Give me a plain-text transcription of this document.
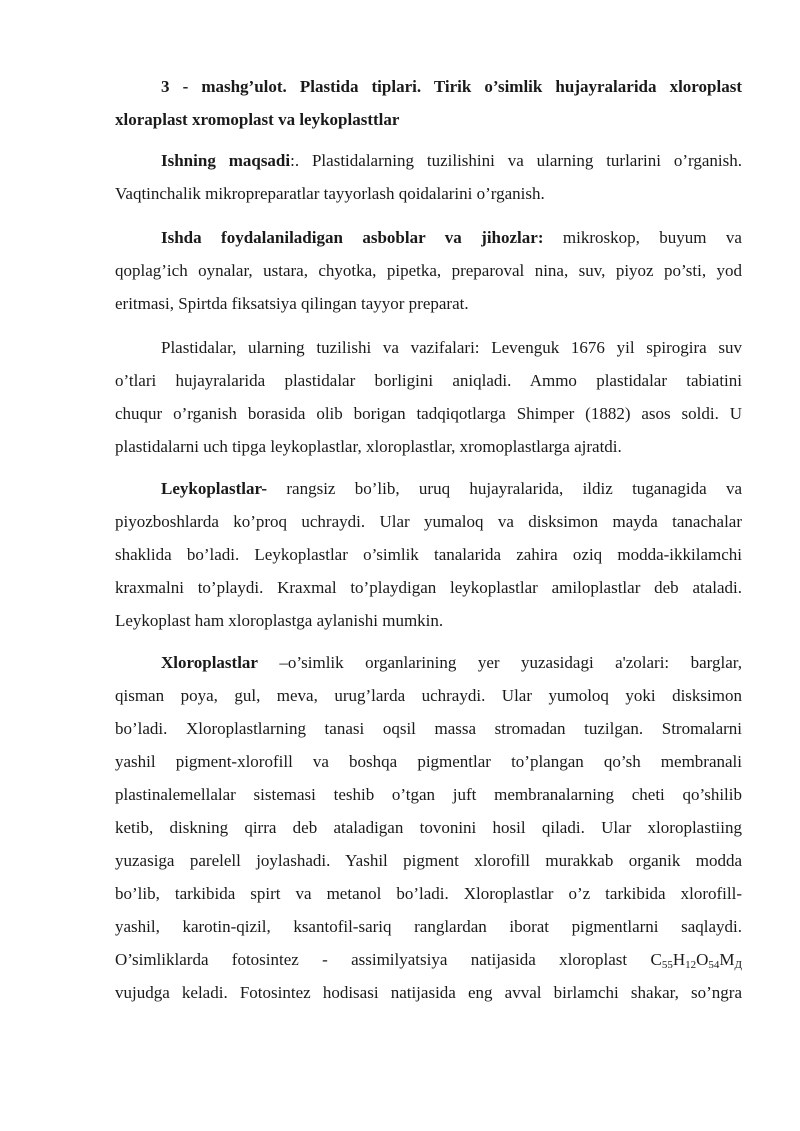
3 - mashg’ulot. Plastida tiplari. Tirik o’simlik hujayralarida xloroplast
xloraplast xromoplast va leykoplasttlar
Ishning maqsadi:. Plastidalarning tuzilishini va ularning turlarini o’rganish.
Vaqtinchalik mikropreparatlar tayyorlash qoidalarini o’rganish.
Ishda foydalaniladigan asboblar va jihozlar: mikroskop, buyum va
qoplag’ich oynalar, ustara, chyotka, pipetka, preparoval nina, suv, piyoz po’sti, yod
eritmasi, Spirtda fiksatsiya qilingan tayyor preparat.
Plastidalar, ularning tuzilishi va vazifalari: Levenguk 1676 yil spirogira suv
o’tlari hujayralarida plastidalar borligini aniqladi. Ammo plastidalar tabiatini
chuqur o’rganish borasida olib borigan tadqiqotlarga Shimper (1882) asos soldi. U
plastidalarni uch tipga leykoplastlar, xloroplastlar, xromoplastlarga ajratdi.
Leykoplastlar- rangsiz bo’lib, uruq hujayralarida, ildiz tuganagida va
piyozboshlarda ko’proq uchraydi. Ular yumaloq va disksimon mayda tanachalar
shaklida bo’ladi. Leykoplastlar o’simlik tanalarida zahira oziq modda-ikkilamchi
kraxmalni to’playdi. Kraxmal to’playdigan leykoplastlar amiloplastlar deb ataladi.
Leykoplast ham xloroplastga aylanishi mumkin.
Xloroplastlar –o’simlik organlarining yer yuzasidagi a'zolari: barglar,
qisman poya, gul, meva, urug’larda uchraydi. Ular yumoloq yoki disksimon
bo’ladi. Xloroplastlarning tanasi oqsil massa stromadan tuzilgan. Stromalarni
yashil pigment-xlorofill va boshqa pigmentlar to’plangan qo’sh membranali
plastinalemellalar sistemasi teshib o’tgan juft membranalarning cheti qo’shilib
ketib, diskning qirra deb ataladigan tovonini hosil qiladi. Ular xloroplastiing
yuzasiga parelell joylashadi. Yashil pigment xlorofill murakkab organik modda
bo’lib, tarkibida spirt va metanol bo’ladi. Xloroplastlar o’z tarkibida xlorofill-
yashil, karotin-qizil, ksantofil-sariq ranglardan iborat pigmentlarni saqlaydi.
O’simliklarda fotosintez - assimilyatsiya natijasida xloroplast $C_{55}H_{12}O_{54}M_Д$
vujudga keladi. Fotosintez hodisasi natijasida eng avval birlamchi shakar, so’ngra
